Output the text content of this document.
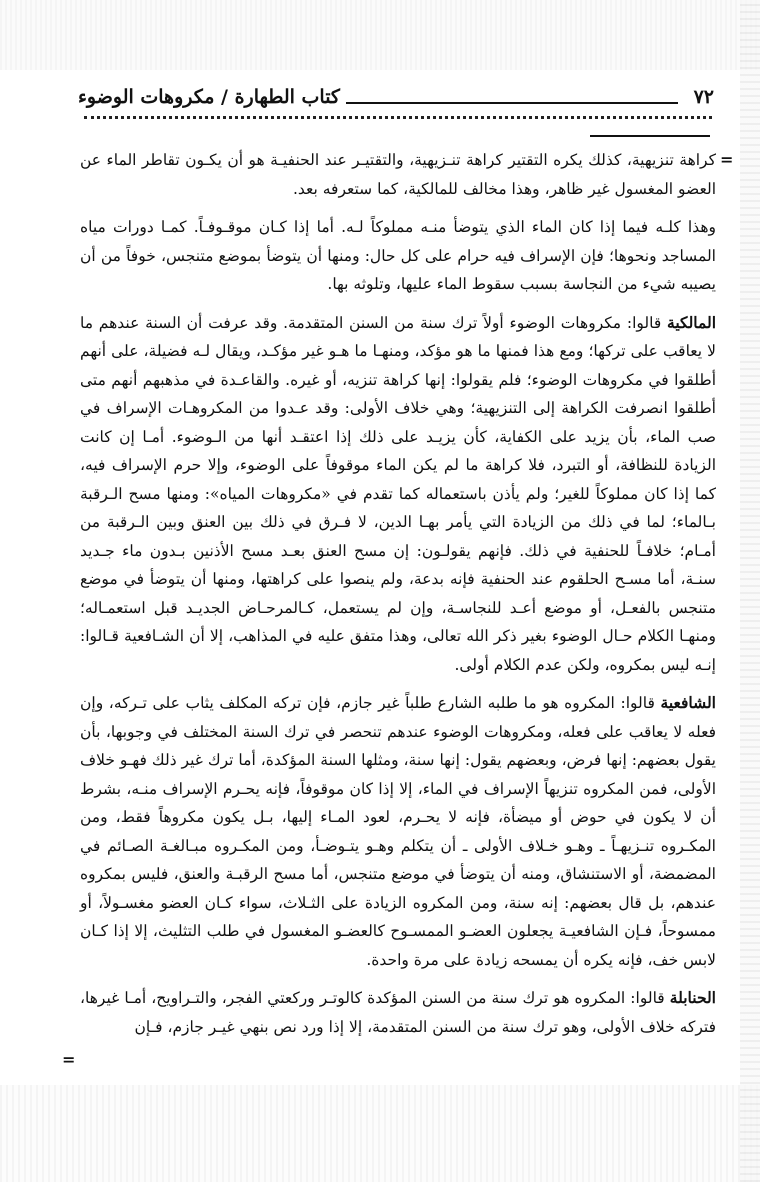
٧٢
كتاب الطهارة / مكروهات الوضوء
=
=

كراهة تنزيهية، كذلك يكره التقتير كراهة تنـزيهية، والتقتيـر عند الحنفيـة هو أن يكـون تقاطر الماء عن العضو المغسول غير ظاهر، وهذا مخالف للمالكية، كما ستعرفه بعد.

وهذا كلـه فيما إذا كان الماء الذي يتوضأ منـه مملوكاً لـه. أما إذا كـان موقـوفـاً. كمـا دورات مياه المساجد ونحوها؛ فإن الإسراف فيه حرام على كل حال: ومنها أن يتوضأ بموضع متنجس، خوفاً من أن يصيبه شيء من النجاسة بسبب سقوط الماء عليها، وتلوثه بها.

المالكية قالوا: مكروهات الوضوء أولاً ترك سنة من السنن المتقدمة. وقد عرفت أن السنة عندهم ما لا يعاقب على تركها؛ ومع هذا فمنها ما هو مؤكد، ومنهـا ما هـو غير مؤكـد، ويقال لـه فضيلة، على أنهم أطلقوا في مكروهات الوضوء؛ فلم يقولوا: إنها كراهة تنزيه، أو غيره. والقاعـدة في مذهبهم أنهم متى أطلقوا انصرفت الكراهة إلى التنزيهية؛ وهي خلاف الأولى: وقد عـدوا من المكروهـات الإسراف في صب الماء، بأن يزيد على الكفاية، كأن يزيـد على ذلك إذا اعتقـد أنها من الـوضوء. أمـا إن كانت الزيادة للنظافة، أو التبرد، فلا كراهة ما لم يكن الماء موقوفاً على الوضوء، وإلا حرم الإسراف فيه، كما إذا كان مملوكاً للغير؛ ولم يأذن باستعماله كما تقدم في «مكروهات المياه»: ومنها مسح الـرقبة بـالماء؛ لما في ذلك من الزيادة التي يأمر بهـا الدين، لا فـرق في ذلك بين العنق وبين الـرقبة من أمـام؛ خلافـاً للحنفية في ذلك. فإنهم يقولـون: إن مسح العنق بعـد مسح الأذنين بـدون ماء جـديد سنـة، أما مسـح الحلقوم عند الحنفية فإنه بدعة، ولم ينصوا على كراهتها، ومنها أن يتوضأ في موضع متنجس بالفعـل، أو موضع أعـد للنجاسـة، وإن لم يستعمل، كـالمرحـاض الجديـد قبل استعمـاله؛ ومنهـا الكلام حـال الوضوء بغير ذكر الله تعالى، وهذا متفق عليه في المذاهب، إلا أن الشـافعية قـالوا: إنـه ليس بمكروه، ولكن عدم الكلام أولى.

الشافعية قالوا: المكروه هو ما طلبه الشارع طلباً غير جازم، فإن تركه المكلف يثاب على تـركه، وإن فعله لا يعاقب على فعله، ومكروهات الوضوء عندهم تنحصر في ترك السنة المختلف في وجوبها، بأن يقول بعضهم: إنها فرض، وبعضهم يقول: إنها سنة، ومثلها السنة المؤكدة، أما ترك غير ذلك فهـو خلاف الأولى، فمن المكروه تنزيهاً الإسراف في الماء، إلا إذا كان موقوفاً، فإنه يحـرم الإسراف منـه، بشرط أن لا يكون في حوض أو ميضأة، فإنه لا يحـرم، لعود المـاء إليها، بـل يكون مكروهاً فقط، ومن المكـروه تنـزيهـاً ـ وهـو خـلاف الأولى ـ أن يتكلم وهـو يتـوضـأ، ومن المكـروه مبـالغـة الصـائم في المضمضة، أو الاستنشاق، ومنه أن يتوضأ في موضع متنجس، أما مسح الرقبـة والعنق، فليس بمكروه عندهم، بل قال بعضهم: إنه سنة، ومن المكروه الزيادة على الثـلاث، سواء كـان العضو مغسـولاً، أو ممسوحاً، فـإن الشافعيـة يجعلون العضـو الممسـوح كالعضـو المغسول في طلب التثليث، إلا إذا كـان لابس خف، فإنه يكره أن يمسحه زيادة على مرة واحدة.

الحنابلة قالوا: المكروه هو ترك سنة من السنن المؤكدة كالوتـر وركعتي الفجر، والتـراويح، أمـا غيرها، فتركه خلاف الأولى، وهو ترك سنة من السنن المتقدمة، إلا إذا ورد نص بنهي غيـر جازم، فـإن
